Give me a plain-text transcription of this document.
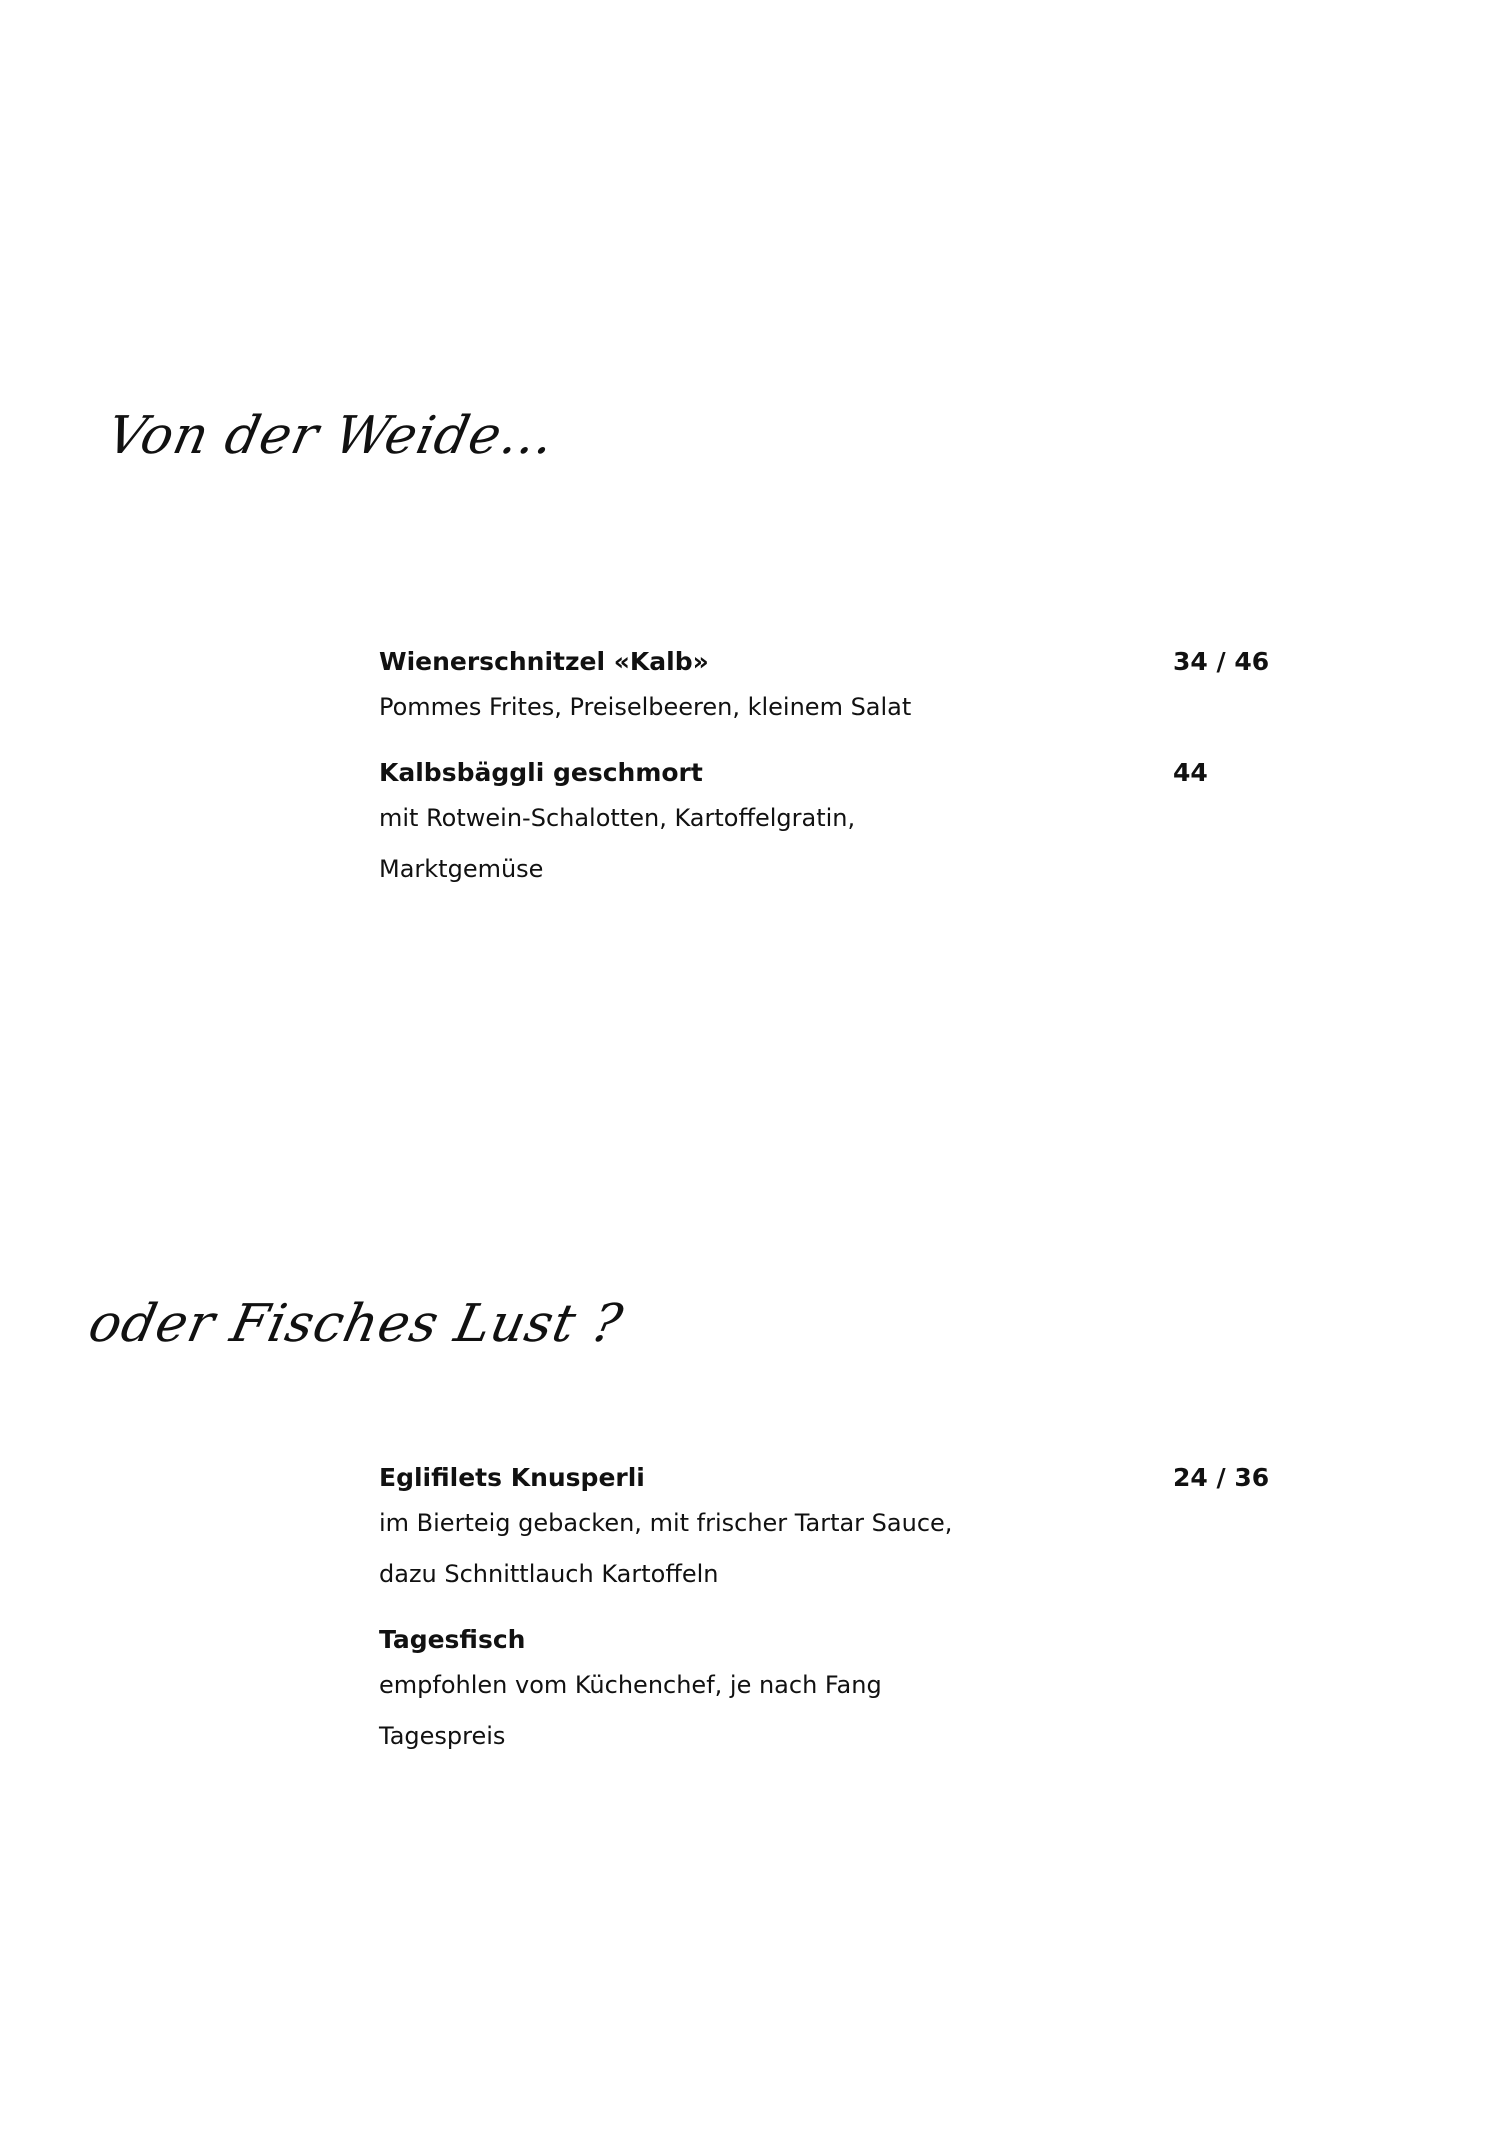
Von der Weide…
Wienerschnitzel «Kalb»	34 / 46
Pommes Frites, Preiselbeeren, kleinem Salat
Kalbsbäggli geschmort	44
mit Rotwein-Schalotten, Kartoffelgratin,
Marktgemüse
oder Fisches Lust ?
Eglifilets Knusperli	24 / 36
im Bierteig gebacken, mit frischer Tartar Sauce,
dazu Schnittlauch Kartoffeln
Tagesfisch
empfohlen vom Küchenchef, je nach Fang
Tagespreis
